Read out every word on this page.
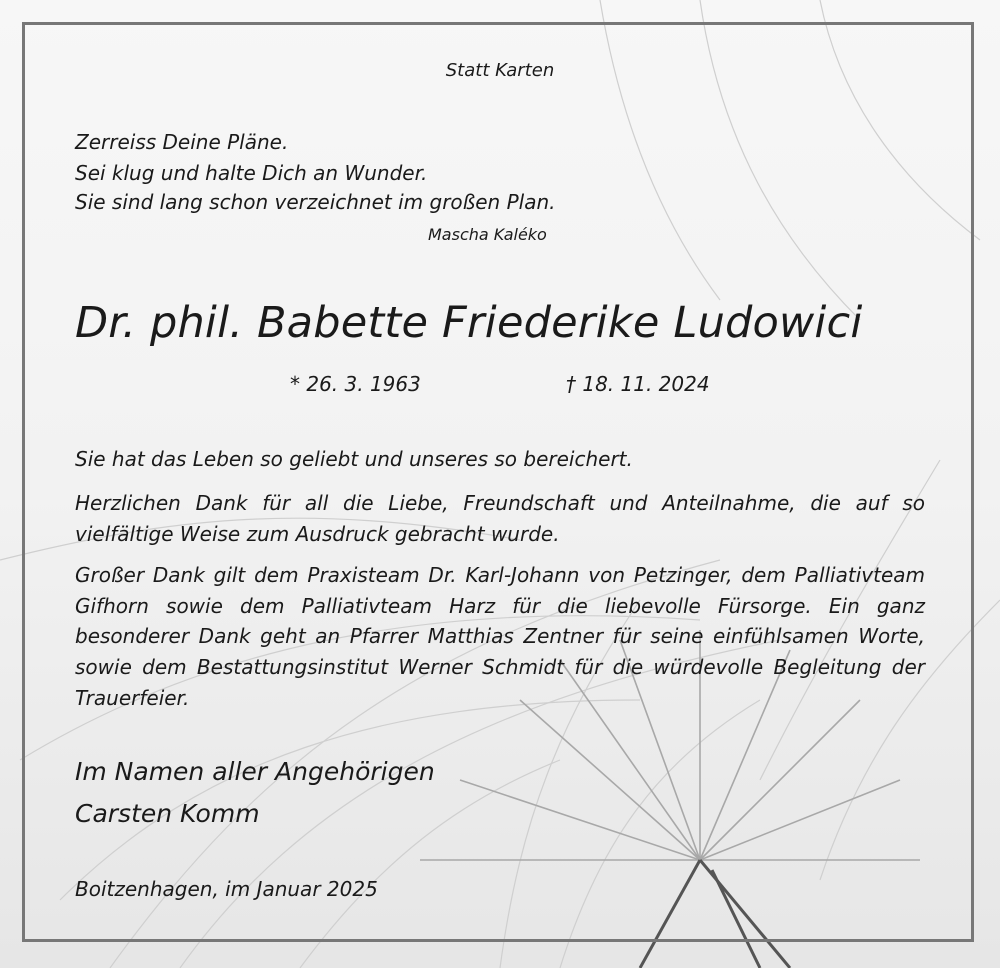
Statt Karten
Zerreiss Deine Pläne.
Sei klug und halte Dich an Wunder.
Sie sind lang schon verzeichnet im großen Plan.
Mascha Kaléko
Dr. phil. Babette Friederike Ludowici
* 26. 3. 1963	† 18. 11. 2024
Sie hat das Leben so geliebt und unseres so bereichert.
Herzlichen Dank für all die Liebe, Freundschaft und Anteilnahme, die auf so vielfältige Weise zum Ausdruck gebracht wurde.
Großer Dank gilt dem Praxisteam Dr. Karl-Johann von Petzinger, dem Palliativteam Gifhorn sowie dem Palliativteam Harz für die liebevolle Fürsorge. Ein ganz besonderer Dank geht an Pfarrer Matthias Zentner für seine einfühlsamen Worte, sowie dem Bestattungsinstitut Werner Schmidt für die würdevolle Begleitung der Trauerfeier.
Im Namen aller Angehörigen
Carsten Komm
Boitzenhagen, im Januar 2025
